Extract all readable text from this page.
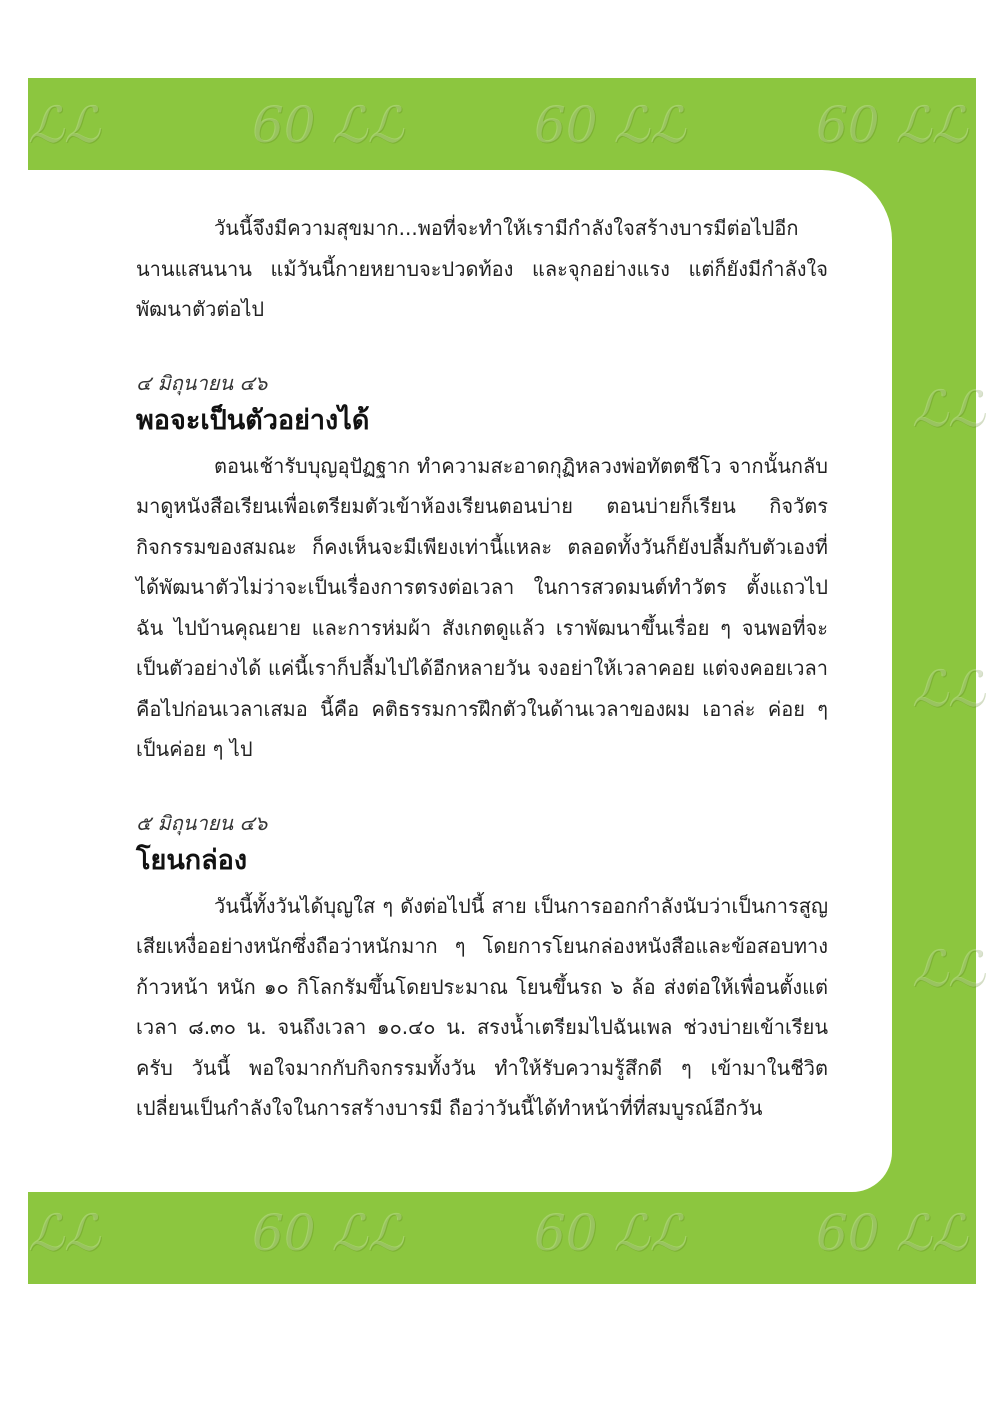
ℒℒ	60 ℒℒ	60 ℒℒ	60 ℒℒ
ℒℒ	60 ℒℒ	60 ℒℒ	60 ℒℒ
ℒℒ
ℒℒ
ℒℒ

วันนี้จึงมีความสุขมาก...พอที่จะทำให้เรามีกำลังใจสร้างบารมีต่อไปอีกนานแสนนาน แม้วันนี้กายหยาบจะปวดท้อง และจุกอย่างแรง แต่ก็ยังมีกำลังใจพัฒนาตัวต่อไป

๔ มิถุนายน ๔๖

พอจะเป็นตัวอย่างได้

ตอนเช้ารับบุญอุปัฏฐาก ทำความสะอาดกุฏิหลวงพ่อทัตตชีโว จากนั้นกลับมาดูหนังสือเรียนเพื่อเตรียมตัวเข้าห้องเรียนตอนบ่าย ตอนบ่ายก็เรียน กิจวัตร กิจกรรมของสมณะ ก็คงเห็นจะมีเพียงเท่านี้แหละ ตลอดทั้งวันก็ยังปลื้มกับตัวเองที่ได้พัฒนาตัวไม่ว่าจะเป็นเรื่องการตรงต่อเวลา ในการสวดมนต์ทำวัตร ตั้งแถวไปฉัน ไปบ้านคุณยาย และการห่มผ้า สังเกตดูแล้ว เราพัฒนาขึ้นเรื่อย ๆ จนพอที่จะเป็นตัวอย่างได้ แค่นี้เราก็ปลื้มไปได้อีกหลายวัน จงอย่าให้เวลาคอย แต่จงคอยเวลา คือไปก่อนเวลาเสมอ นี้คือ คติธรรมการฝึกตัวในด้านเวลาของผม เอาล่ะ ค่อย ๆ เป็นค่อย ๆ ไป

๕ มิถุนายน ๔๖

โยนกล่อง

วันนี้ทั้งวันได้บุญใส ๆ ดังต่อไปนี้ สาย เป็นการออกกำลังนับว่าเป็นการสูญเสียเหงื่ออย่างหนักซึ่งถือว่าหนักมาก ๆ โดยการโยนกล่องหนังสือและข้อสอบทางก้าวหน้า หนัก ๑๐ กิโลกรัมขึ้นโดยประมาณ โยนขึ้นรถ ๖ ล้อ ส่งต่อให้เพื่อนตั้งแต่เวลา ๘.๓๐ น. จนถึงเวลา ๑๐.๔๐ น. สรงน้ำเตรียมไปฉันเพล ช่วงบ่ายเข้าเรียนครับ วันนี้ พอใจมากกับกิจกรรมทั้งวัน ทำให้รับความรู้สึกดี ๆ เข้ามาในชีวิต เปลี่ยนเป็นกำลังใจในการสร้างบารมี ถือว่าวันนี้ได้ทำหน้าที่ที่สมบูรณ์อีกวัน
